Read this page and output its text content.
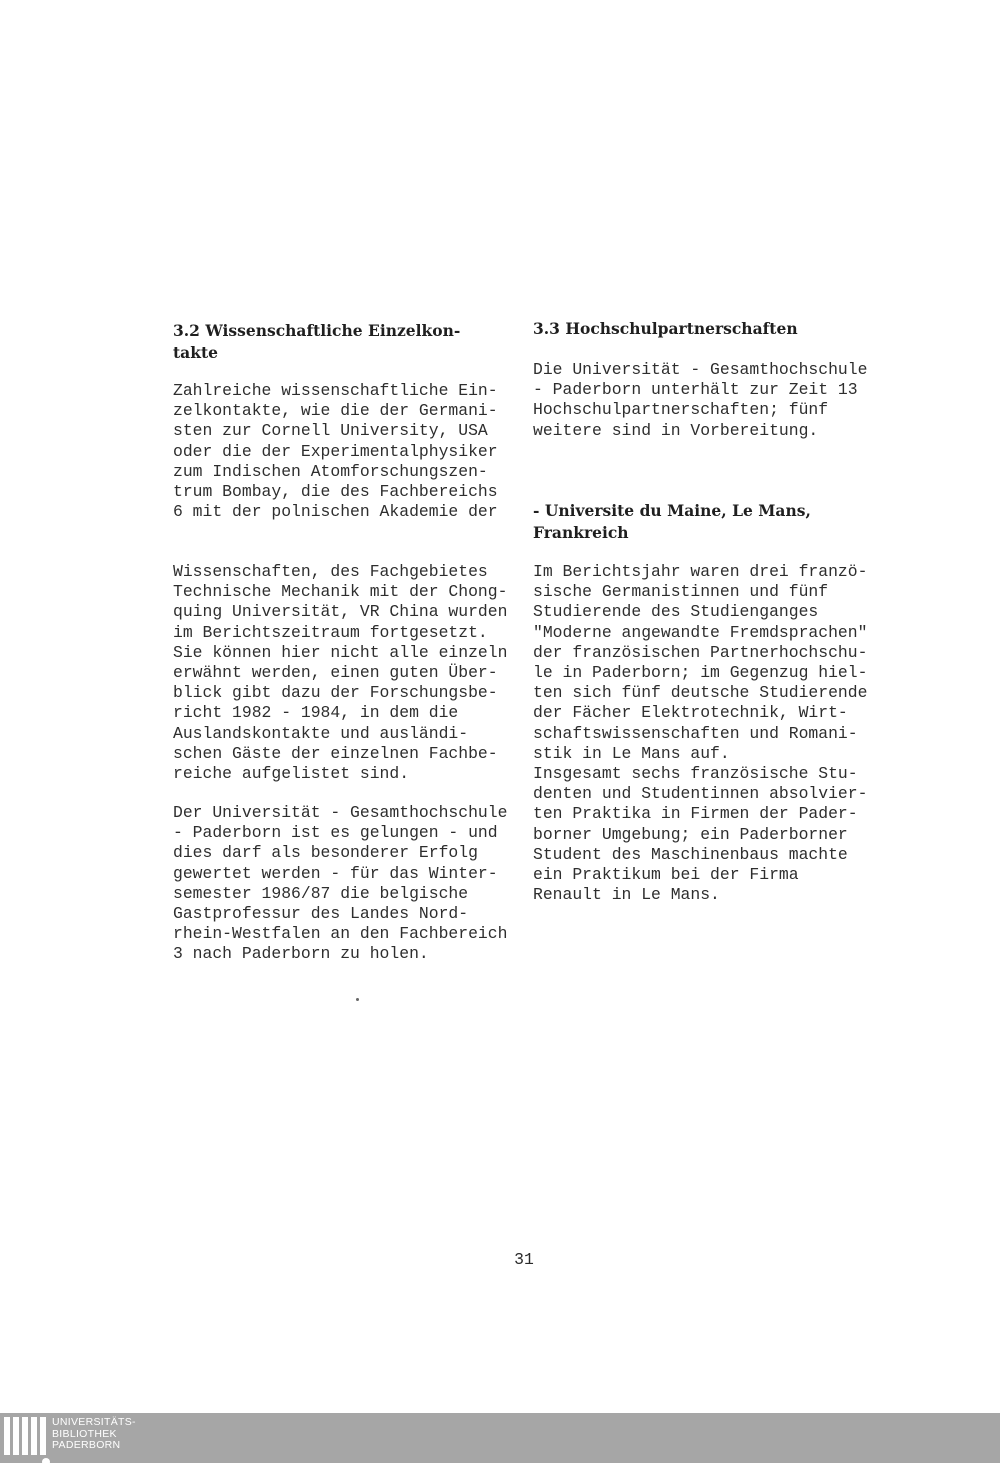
3.2 Wissenschaftliche Einzelkon-
takte
Zahlreiche wissenschaftliche Ein-
zelkontakte, wie die der Germani-
sten zur Cornell University, USA
oder die der Experimentalphysiker
zum Indischen Atomforschungszen-
trum Bombay, die des Fachbereichs
6 mit der polnischen Akademie der
Wissenschaften, des Fachgebietes
Technische Mechanik mit der Chong-
quing Universität, VR China wurden
im Berichtszeitraum fortgesetzt.
Sie können hier nicht alle einzeln
erwähnt werden, einen guten Über-
blick gibt dazu der Forschungsbe-
richt 1982 - 1984, in dem die
Auslandskontakte und ausländi-
schen Gäste der einzelnen Fachbe-
reiche aufgelistet sind.
Der Universität - Gesamthochschule
- Paderborn ist es gelungen - und
dies darf als besonderer Erfolg
gewertet werden - für das Winter-
semester 1986/87 die belgische
Gastprofessur des Landes Nord-
rhein-Westfalen an den Fachbereich
3 nach Paderborn zu holen.
3.3 Hochschulpartnerschaften
Die Universität - Gesamthochschule
- Paderborn unterhält zur Zeit 13
Hochschulpartnerschaften; fünf
weitere sind in Vorbereitung.
- Universite du Maine, Le Mans,
Frankreich
Im Berichtsjahr waren drei franzö-
sische Germanistinnen und fünf
Studierende des Studienganges
"Moderne angewandte Fremdsprachen"
der französischen Partnerhochschu-
le in Paderborn; im Gegenzug hiel-
ten sich fünf deutsche Studierende
der Fächer Elektrotechnik, Wirt-
schaftswissenschaften und Romani-
stik in Le Mans auf.
Insgesamt sechs französische Stu-
denten und Studentinnen absolvier-
ten Praktika in Firmen der Pader-
borner Umgebung; ein Paderborner
Student des Maschinenbaus machte
ein Praktikum bei der Firma
Renault in Le Mans.
31
UNIVERSITÄTS-
BIBLIOTHEK
PADERBORN
